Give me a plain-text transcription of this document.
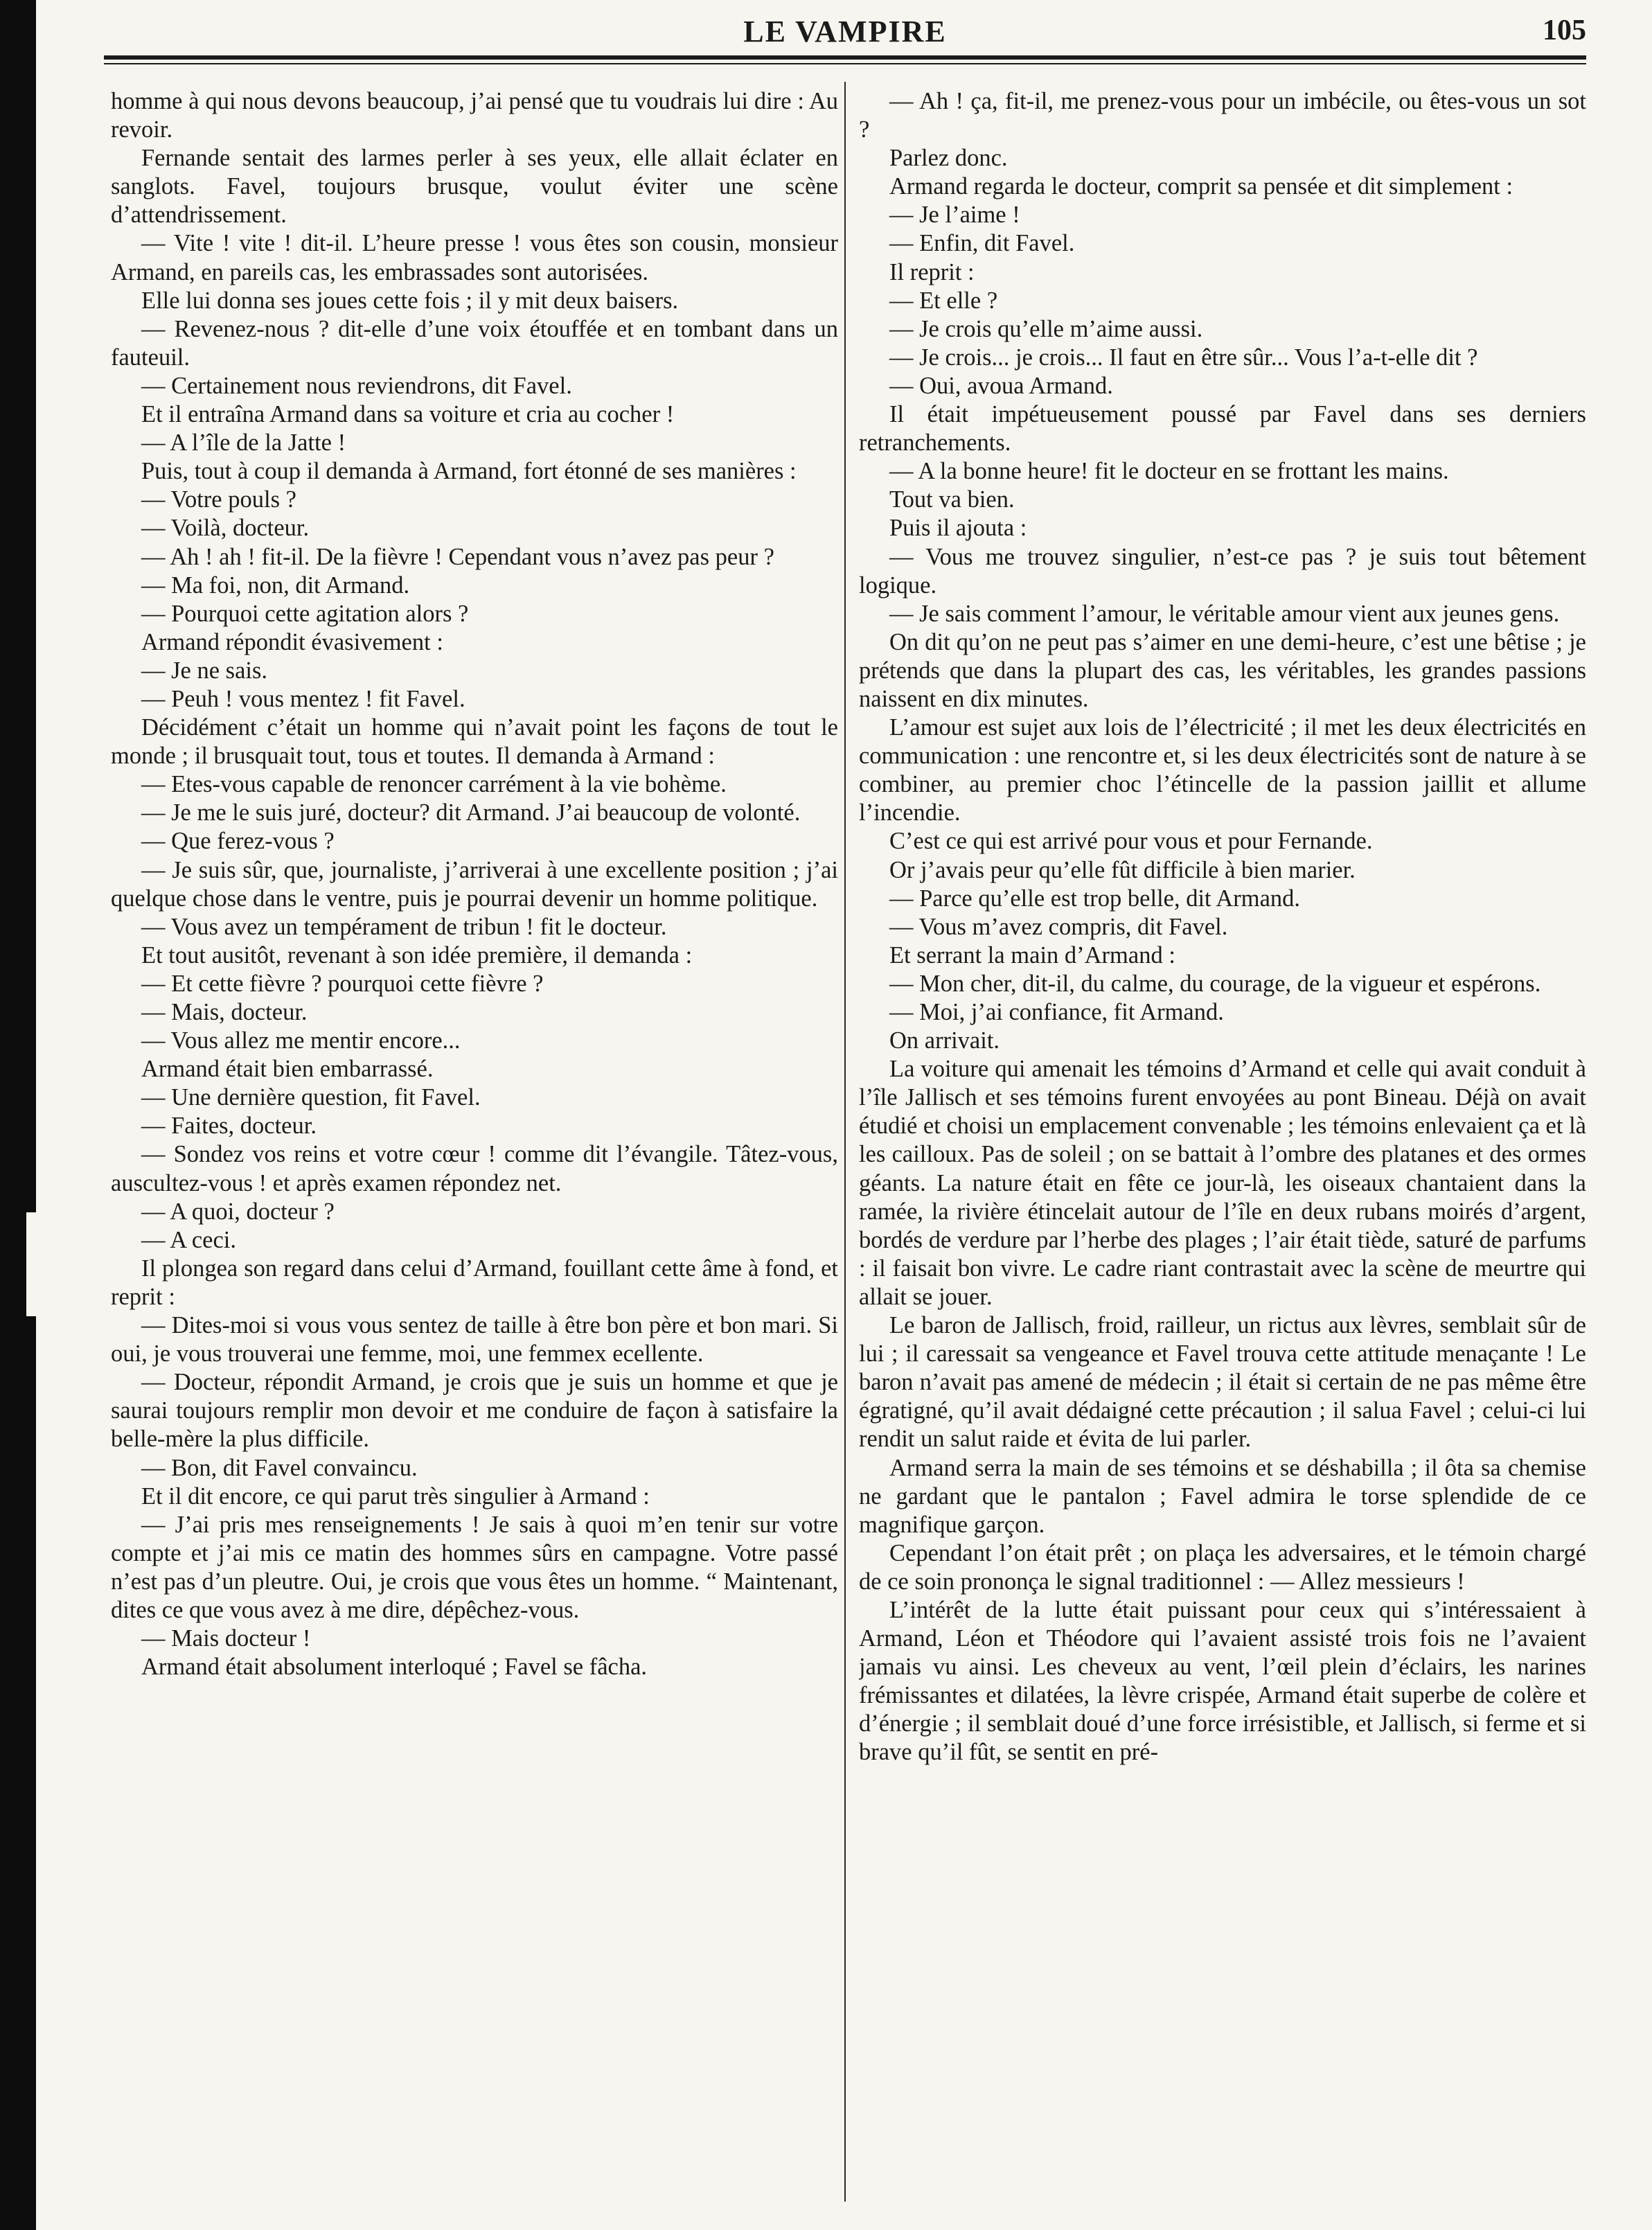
LE VAMPIRE	105

homme à qui nous devons beaucoup, j’ai pensé que tu voudrais lui dire : Au revoir.

Fernande sentait des larmes perler à ses yeux, elle allait éclater en sanglots. Favel, toujours brusque, voulut éviter une scène d’attendrissement.

— Vite ! vite ! dit-il. L’heure presse ! vous êtes son cousin, monsieur Armand, en pareils cas, les embrassades sont autorisées.

Elle lui donna ses joues cette fois ; il y mit deux baisers.

— Revenez-nous ? dit-elle d’une voix étouffée et en tombant dans un fauteuil.

— Certainement nous reviendrons, dit Favel.

Et il entraîna Armand dans sa voiture et cria au cocher !

— A l’île de la Jatte !

Puis, tout à coup il demanda à Armand, fort étonné de ses manières :

— Votre pouls ?

— Voilà, docteur.

— Ah ! ah ! fit-il. De la fièvre ! Cependant vous n’avez pas peur ?

— Ma foi, non, dit Armand.

— Pourquoi cette agitation alors ?

Armand répondit évasivement :

— Je ne sais.

— Peuh ! vous mentez ! fit Favel.

Décidément c’était un homme qui n’avait point les façons de tout le monde ; il brusquait tout, tous et toutes. Il demanda à Armand :

— Etes-vous capable de renoncer carrément à la vie bohème.

— Je me le suis juré, docteur? dit Armand. J’ai beaucoup de volonté.

— Que ferez-vous ?

— Je suis sûr, que, journaliste, j’arriverai à une excellente position ; j’ai quelque chose dans le ventre, puis je pourrai devenir un homme politique.

— Vous avez un tempérament de tribun ! fit le docteur.

Et tout ausitôt, revenant à son idée première, il demanda :

— Et cette fièvre ? pourquoi cette fièvre ?

— Mais, docteur.

— Vous allez me mentir encore...

Armand était bien embarrassé.

— Une dernière question, fit Favel.

— Faites, docteur.

— Sondez vos reins et votre cœur ! comme dit l’évangile. Tâtez-vous, auscultez-vous ! et après examen répondez net.

— A quoi, docteur ?

— A ceci.

Il plongea son regard dans celui d’Armand, fouillant cette âme à fond, et reprit :

— Dites-moi si vous vous sentez de taille à être bon père et bon mari. Si oui, je vous trouverai une femme, moi, une femmex ecellente.

— Docteur, répondit Armand, je crois que je suis un homme et que je saurai toujours remplir mon devoir et me conduire de façon à satisfaire la belle-mère la plus difficile.

— Bon, dit Favel convaincu.

Et il dit encore, ce qui parut très singulier à Armand :

— J’ai pris mes renseignements ! Je sais à quoi m’en tenir sur votre compte et j’ai mis ce matin des hommes sûrs en campagne. Votre passé n’est pas d’un pleutre. Oui, je crois que vous êtes un homme. “ Maintenant, dites ce que vous avez à me dire, dépêchez-vous.

— Mais docteur !

Armand était absolument interloqué ; Favel se fâcha.

— Ah ! ça, fit-il, me prenez-vous pour un imbécile, ou êtes-vous un sot ?

Parlez donc.

Armand regarda le docteur, comprit sa pensée et dit simplement :

— Je l’aime !

— Enfin, dit Favel.

Il reprit :

— Et elle ?

— Je crois qu’elle m’aime aussi.

— Je crois... je crois... Il faut en être sûr... Vous l’a-t-elle dit ?

— Oui, avoua Armand.

Il était impétueusement poussé par Favel dans ses derniers retranchements.

— A la bonne heure! fit le docteur en se frottant les mains.

Tout va bien.

Puis il ajouta :

— Vous me trouvez singulier, n’est-ce pas ? je suis tout bêtement logique.

— Je sais comment l’amour, le véritable amour vient aux jeunes gens.

On dit qu’on ne peut pas s’aimer en une demi-heure, c’est une bêtise ; je prétends que dans la plupart des cas, les véritables, les grandes passions naissent en dix minutes.

L’amour est sujet aux lois de l’électricité ; il met les deux électricités en communication : une rencontre et, si les deux électricités sont de nature à se combiner, au premier choc l’étincelle de la passion jaillit et allume l’incendie.

C’est ce qui est arrivé pour vous et pour Fernande.

Or j’avais peur qu’elle fût difficile à bien marier.

— Parce qu’elle est trop belle, dit Armand.

— Vous m’avez compris, dit Favel.

Et serrant la main d’Armand :

— Mon cher, dit-il, du calme, du courage, de la vigueur et espérons.

— Moi, j’ai confiance, fit Armand.

On arrivait.

La voiture qui amenait les témoins d’Armand et celle qui avait conduit à l’île Jallisch et ses témoins furent envoyées au pont Bineau. Déjà on avait étudié et choisi un emplacement convenable ; les témoins enlevaient ça et là les cailloux. Pas de soleil ; on se battait à l’ombre des platanes et des ormes géants. La nature était en fête ce jour-là, les oiseaux chantaient dans la ramée, la rivière étincelait autour de l’île en deux rubans moirés d’argent, bordés de verdure par l’herbe des plages ; l’air était tiède, saturé de parfums : il faisait bon vivre. Le cadre riant contrastait avec la scène de meurtre qui allait se jouer.

Le baron de Jallisch, froid, railleur, un rictus aux lèvres, semblait sûr de lui ; il caressait sa vengeance et Favel trouva cette attitude menaçante ! Le baron n’avait pas amené de médecin ; il était si certain de ne pas même être égratigné, qu’il avait dédaigné cette précaution ; il salua Favel ; celui-ci lui rendit un salut raide et évita de lui parler.

Armand serra la main de ses témoins et se déshabilla ; il ôta sa chemise ne gardant que le pantalon ; Favel admira le torse splendide de ce magnifique garçon.

Cependant l’on était prêt ; on plaça les adversaires, et le témoin chargé de ce soin prononça le signal traditionnel : — Allez messieurs !

L’intérêt de la lutte était puissant pour ceux qui s’intéressaient à Armand, Léon et Théodore qui l’avaient assisté trois fois ne l’avaient jamais vu ainsi. Les cheveux au vent, l’œil plein d’éclairs, les narines frémissantes et dilatées, la lèvre crispée, Armand était superbe de colère et d’énergie ; il semblait doué d’une force irrésistible, et Jallisch, si ferme et si brave qu’il fût, se sentit en pré-
